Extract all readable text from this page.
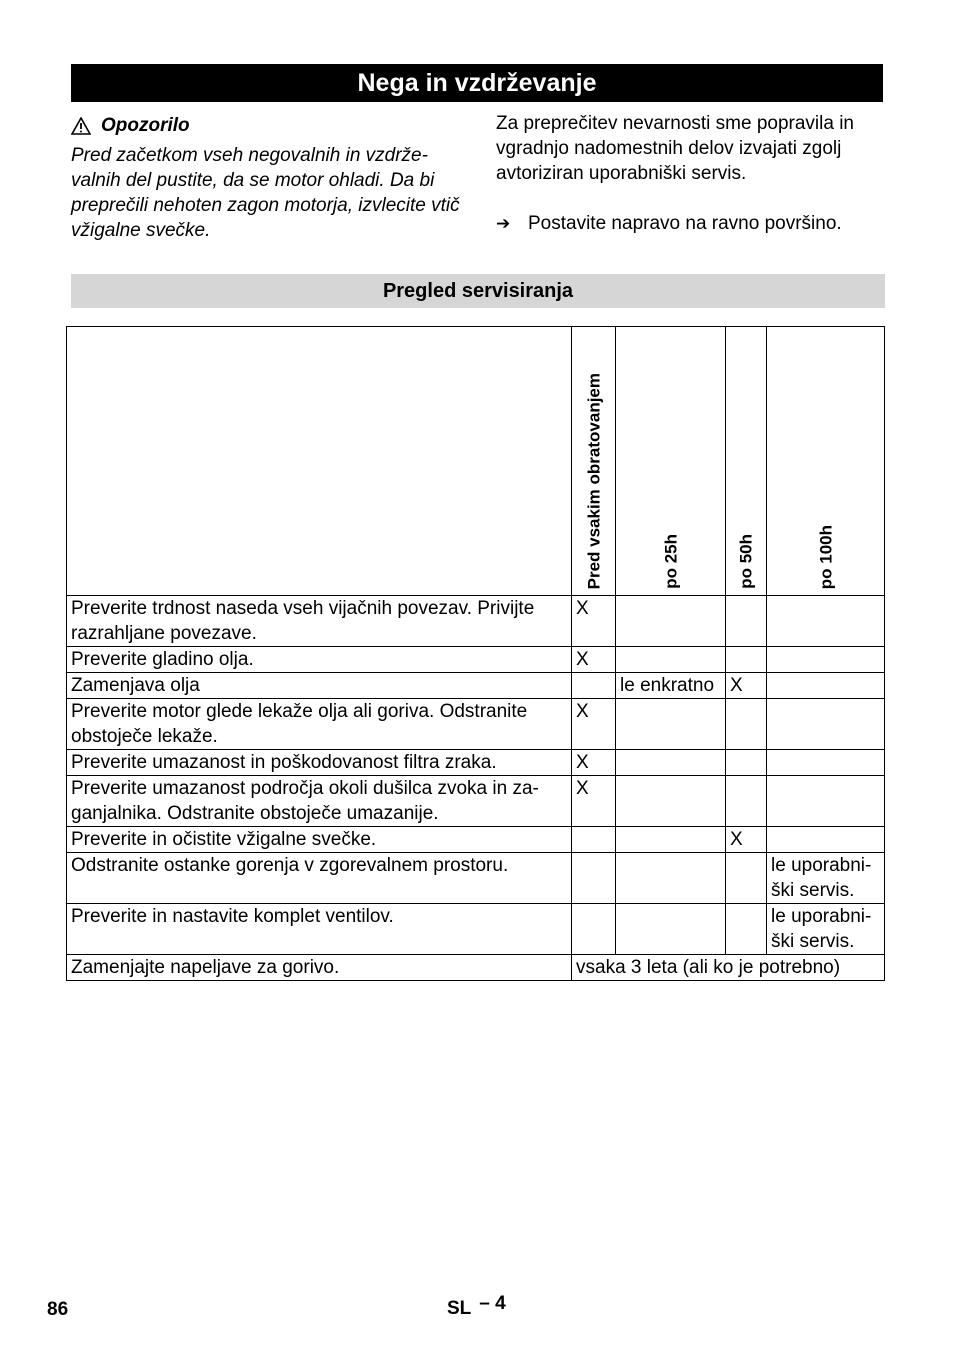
Nega in vzdrževanje
Opozorilo
Pred začetkom vseh negovalnih in vzdrže-valnih del pustite, da se motor ohladi. Da bi preprečili nehoten zagon motorja, izvlecite vtič vžigalne svečke.
Za preprečitev nevarnosti sme popravila in vgradnjo nadomestnih delov izvajati zgolj avtoriziran uporabniški servis.
➔ Postavite napravo na ravno površino.
Pregled servisiranja

	Pred vsakim obratovanjem	po 25h	po 50h	po 100h

Preverite trdnost naseda vseh vijačnih povezav. Privijte razrahljane povezave.	X			
Preverite gladino olja.	X			
Zamenjava olja		le enkratno	X	
Preverite motor glede lekaže olja ali goriva. Odstranite obstoječe lekaže.	X			
Preverite umazanost in poškodovanost filtra zraka.	X			
Preverite umazanost področja okoli dušilca zvoka in za-ganjalnika. Odstranite obstoječe umazanije.	X			
Preverite in očistite vžigalne svečke.			X	
Odstranite ostanke gorenja v zgorevalnem prostoru.				le uporabni-ški servis.
Preverite in nastavite komplet ventilov.				le uporabni-ški servis.
Zamenjajte napeljave za gorivo.	vsaka 3 leta (ali ko je potrebno)			
86	SL – 4
